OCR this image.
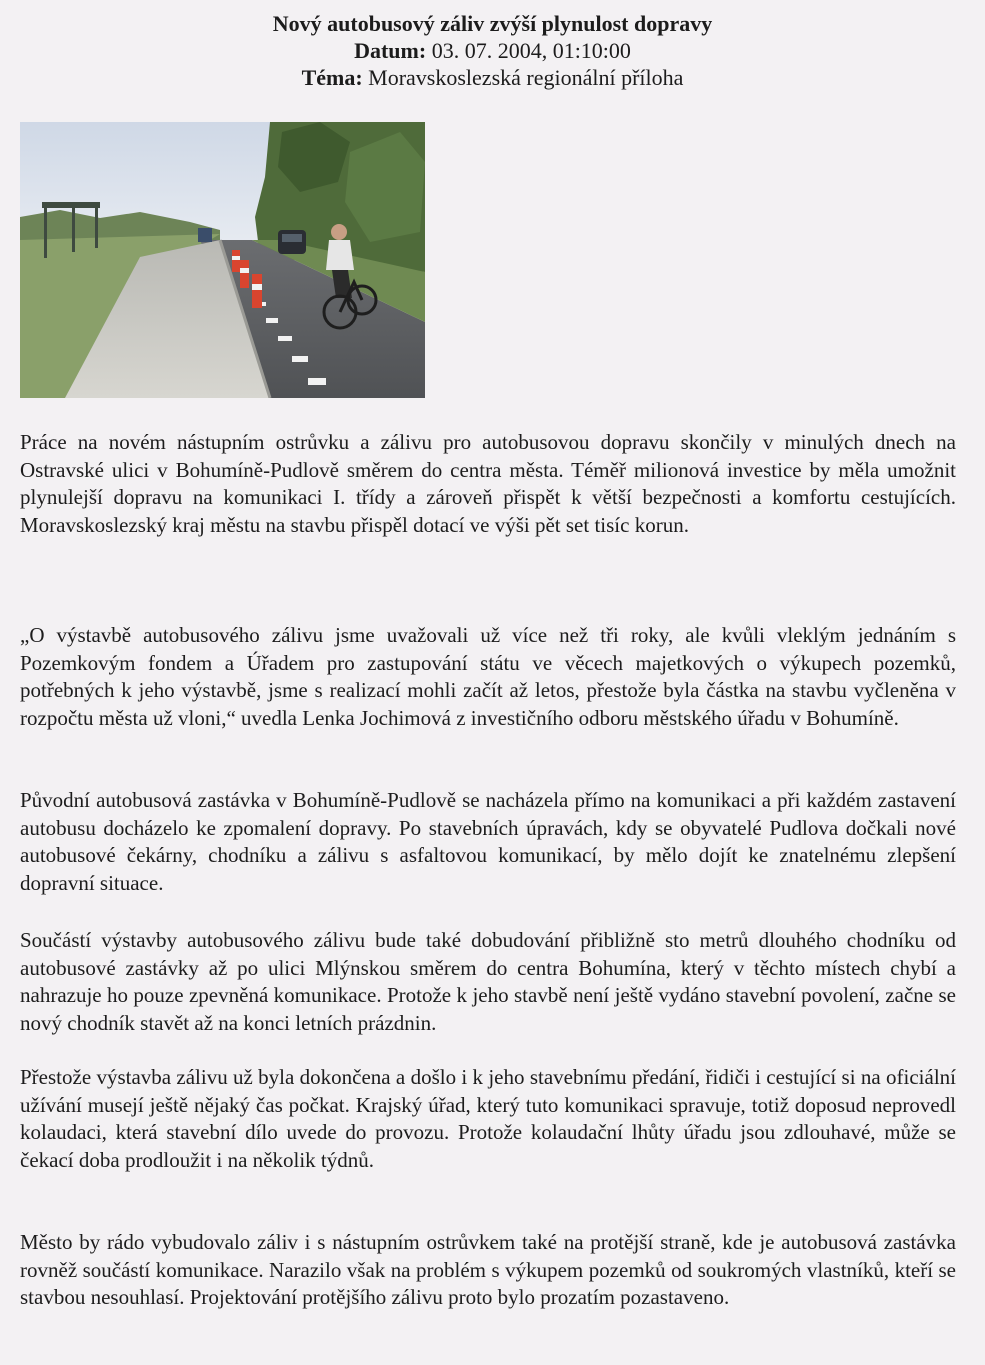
Nový autobusový záliv zvýší plynulost dopravy
Datum: 03. 07. 2004, 01:10:00
Téma: Moravskoslezská regionální příloha

Práce na novém nástupním ostrůvku a zálivu pro autobusovou dopravu skončily v minulých dnech na Ostravské ulici v Bohumíně-Pudlově směrem do centra města. Téměř milionová investice by měla umožnit plynulejší dopravu na komunikaci I. třídy a zároveň přispět k větší bezpečnosti a komfortu cestujících. Moravskoslezský kraj městu na stavbu přispěl dotací ve výši pět set tisíc korun.

„O výstavbě autobusového zálivu jsme uvažovali už více než tři roky, ale kvůli vleklým jednáním s Pozemkovým fondem a Úřadem pro zastupování státu ve věcech majetkových o výkupech pozemků, potřebných k jeho výstavbě, jsme s realizací mohli začít až letos, přestože byla částka na stavbu vyčleněna v rozpočtu města už vloni,“ uvedla Lenka Jochimová z investičního odboru městského úřadu v Bohumíně.

Původní autobusová zastávka v Bohumíně-Pudlově se nacházela přímo na komunikaci a při každém zastavení autobusu docházelo ke zpomalení dopravy. Po stavebních úpravách, kdy se obyvatelé Pudlova dočkali nové autobusové čekárny, chodníku a zálivu s asfaltovou komunikací, by mělo dojít ke znatelnému zlepšení dopravní situace.

Součástí výstavby autobusového zálivu bude také dobudování přibližně sto metrů dlouhého chodníku od autobusové zastávky až po ulici Mlýnskou směrem do centra Bohumína, který v těchto místech chybí a nahrazuje ho pouze zpevněná komunikace. Protože k jeho stavbě není ještě vydáno stavební povolení, začne se nový chodník stavět až na konci letních prázdnin.

Přestože výstavba zálivu už byla dokončena a došlo i k jeho stavebnímu předání, řidiči i cestující si na oficiální užívání musejí ještě nějaký čas počkat. Krajský úřad, který tuto komunikaci spravuje, totiž doposud neprovedl kolaudaci, která stavební dílo uvede do provozu. Protože kolaudační lhůty úřadu jsou zdlouhavé, může se čekací doba prodloužit i na několik týdnů.

Město by rádo vybudovalo záliv i s nástupním ostrůvkem také na protější straně, kde je autobusová zastávka rovněž součástí komunikace. Narazilo však na problém s výkupem pozemků od soukromých vlastníků, kteří se stavbou nesouhlasí. Projektování protějšího zálivu proto bylo prozatím pozastaveno.
